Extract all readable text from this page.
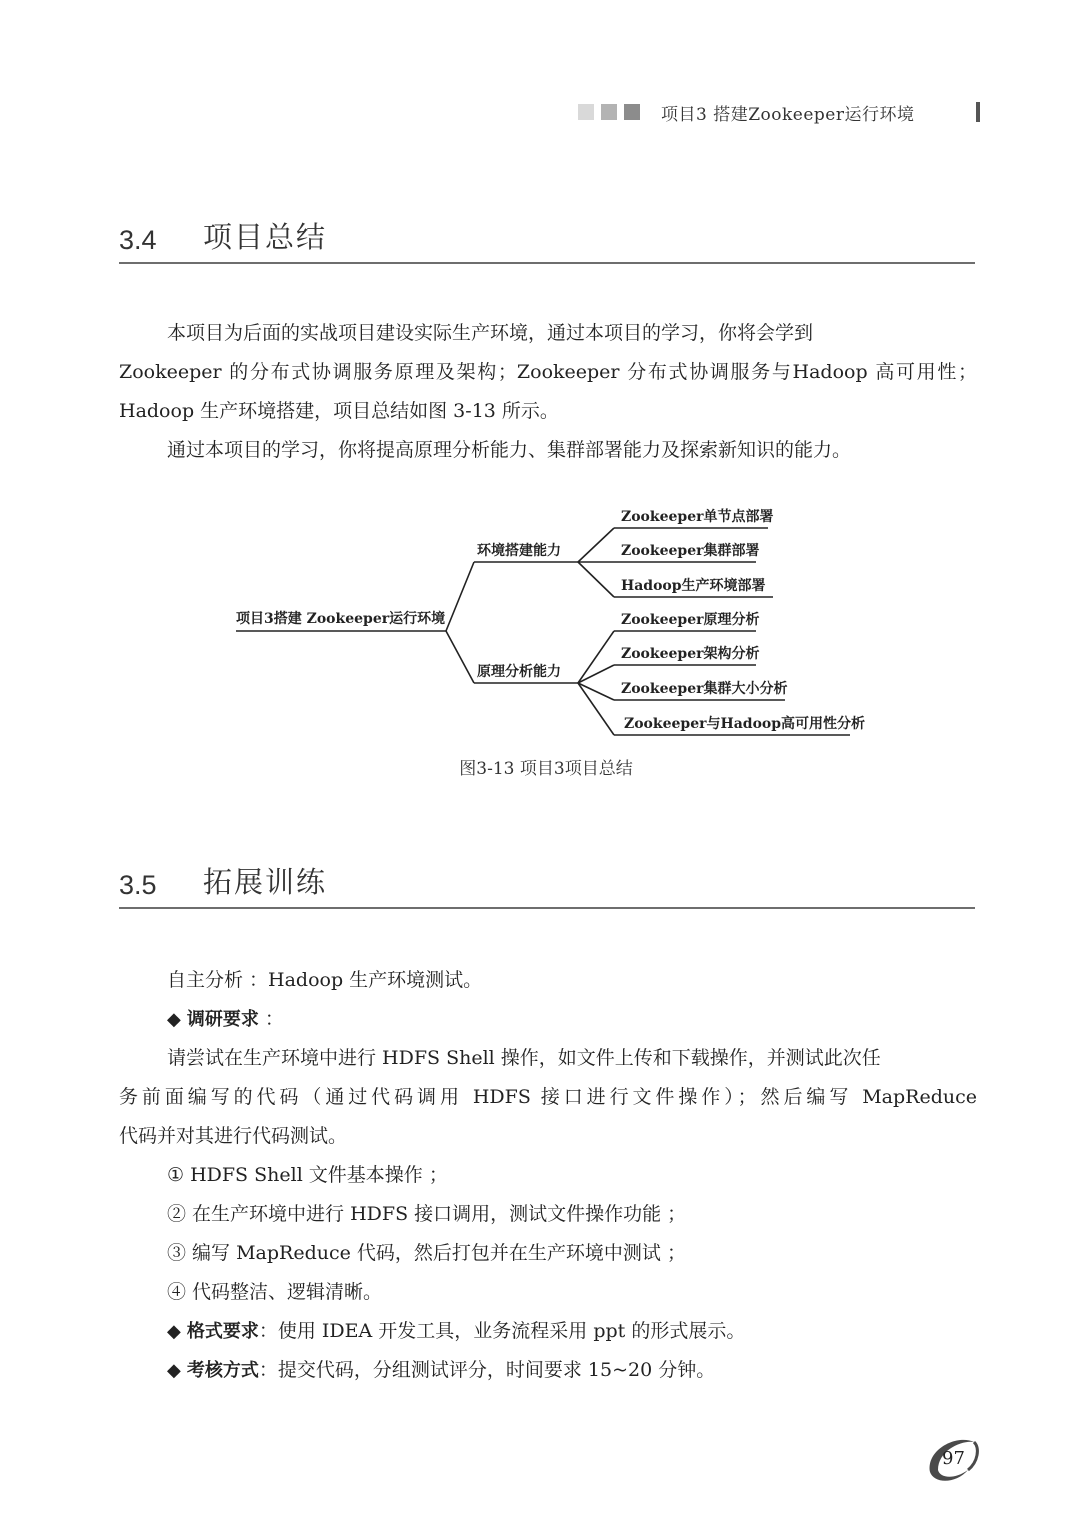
项目3 搭建Zookeeper运行环境
3.4 项目总结
本项目为后面的实战项目建设实际生产环境，通过本项目的学习，你将会学到
Zookeeper 的分布式协调服务原理及架构；Zookeeper 分布式协调服务与Hadoop 高可用性；
Hadoop 生产环境搭建，项目总结如图 3-13 所示。
通过本项目的学习，你将提高原理分析能力、集群部署能力及探索新知识的能力。
项目3搭建 Zookeeper运行环境
环境搭建能力
原理分析能力
Zookeeper单节点部署
Zookeeper集群部署
Hadoop生产环境部署
Zookeeper原理分析
Zookeeper架构分析
Zookeeper集群大小分析
Zookeeper与Hadoop高可用性分析
图3-13 项目3项目总结
3.5 拓展训练
自主分析 ：Hadoop 生产环境测试。
◆ 调研要求 ：
请尝试在生产环境中进行 HDFS Shell 操作，如文件上传和下载操作，并测试此次任
务前面编写的代码（通过代码调用 HDFS 接口进行文件操作）；然后编写 MapReduce
代码并对其进行代码测试。
① HDFS Shell 文件基本操作 ；
② 在生产环境中进行 HDFS 接口调用，测试文件操作功能 ；
③ 编写 MapReduce 代码，然后打包并在生产环境中测试 ；
④ 代码整洁、逻辑清晰。
◆ 格式要求：使用 IDEA 开发工具，业务流程采用 ppt 的形式展示。
◆ 考核方式：提交代码，分组测试评分，时间要求 15~20 分钟。
97
